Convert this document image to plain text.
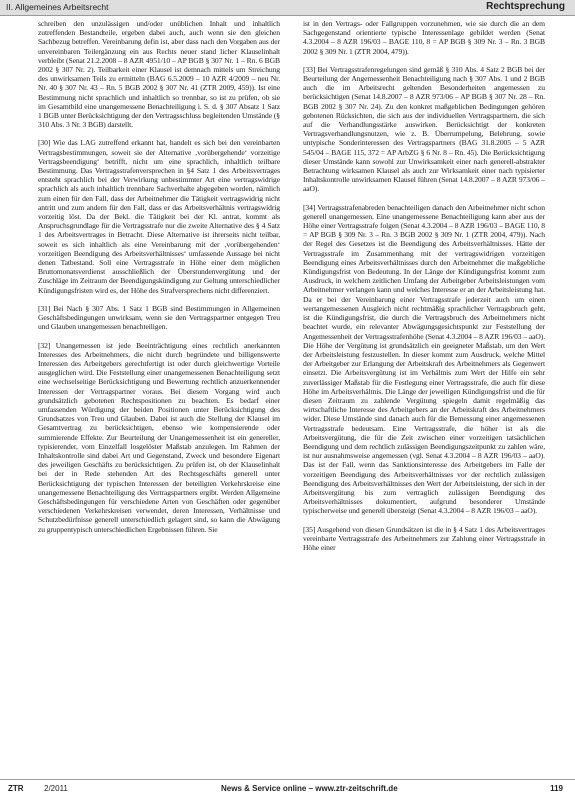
II. Allgemeines Arbeitsrecht	Rechtsprechung

schreiben den unzulässigen und/oder unüblichen Inhalt und inhaltlich zutreffenden Bestandteile, ergeben dabei auch, auch wenn sie den gleichen Sachbezug betreffen. Vereinbarung defin ist, aber dass nach den Vorgaben aus der unvereinbaren Teilergänzung ein aus Rechts neuer stand licher Klauselinhalt verbleibt (Senat 21.2.2008 – 8 AZR 4951/10 – AP BGB § 307 Nr. 1 – Rn. 6 BGB 2002 § 307 Nr. 2). Teilbarkeit einer Klausel ist demnach mittels um Streichung des unwirksamen Teils zu ermitteln (BAG 6.5.2009 – 10 AZR 4/2009 – neu Nr. Nr. 40 § 307 Nr. 43 – Rn. 5 BGB 2002 § 307 Nr. 41 (ZTR 2009, 459)). Ist eine Bestimmung nicht sprachlich und inhaltlich so trennbar, so ist zu prüfen, ob sie im Gesamtbild eine unangemessene Benachteiligung i. S. d. § 307 Absatz 1 Satz 1 BGB unter Berücksichtigung der den Vertragsschluss begleitenden Umstände (§ 310 Abs. 3 Nr. 3 BGB) darstellt.

[30] Wie das LAG zutreffend erkannt hat, handelt es sich bei den vereinbarten Vertragsbestimmungen, soweit sie der Alternative ‚vorübergehende‘ vorzeitige Vertragsbeendigung‘ betrifft, nicht um eine sprachlich, inhaltlich teilbare Bestimmung. Das Vertragsstrafenversprechen in §4 Satz 1 des Arbeitsvertrages entsteht sprachlich bei der Verwirkung unbestimmter Art eine vertragswidrige sprachlich als auch inhaltlich trennbare Sachverhalte abgegeben worden, nämlich zum einen für den Fall, dass der Arbeitnehmer die Tätigkeit vertragswidrig nicht antritt und zum andern für den Fall, dass er das Arbeitsverhältnis vertragswidrig vorzeitig löst. Da der Bekl. die Tätigkeit bei der Kl. antrat, kommt als Anspruchsgrundlage für die Vertragsstrafe nur die zweite Alternative des § 4 Satz 1 des Arbeitsvertrages in Betracht. Diese Alternative ist ihrerseits nicht teilbar, soweit es sich inhaltlich als eine Vereinbarung mit der ‚vorübergehenden‘ vorzeitigen Beendigung des Arbeitsverhältnisses‘ umfassende Aussage bei nicht denen Tatbestand. Soll eine Vertragsstrafe in Höhe einer dem möglichen Bruttomonatsverdienst ausschließlich der Überstundenvergütung und der Zuschläge im Zeitraum der Beendigungskündigung zur Geltung unterschiedlicher Kündigungsfristen wird es, der Höhe des Strafversprechens nicht differenziert.

[31] Bei Nach § 307 Abs. 1 Satz 1 BGB sind Bestimmungen in Allgemeinen Geschäftsbedingungen unwirksam, wenn sie den Vertragspartner entgegen Treu und Glauben unangemessen benachteiligen.

[32] Unangemessen ist jede Beeinträchtigung eines rechtlich anerkannten Interesses des Arbeitnehmers, die nicht durch begründete und billigenswerte Interessen des Arbeitgebers gerechtfertigt ist oder durch gleichwertige Vorteile ausgeglichen wird. Die Feststellung einer unangemessenen Benachteiligung setzt eine wechselseitige Berücksichtigung und Bewertung rechtlich anzuerkennender Interessen der Vertragspartner voraus. Bei diesem Vorgang wird auch grundsätzlich gebotenen Rechtspositionen zu beachten. Es bedarf einer umfassenden Würdigung der beiden Positionen unter Berücksichtigung des Grundsatzes von Treu und Glauben. Dabei ist auch die Stellung der Klausel im Gesamtvertrag zu berücksichtigen, ebenso wie kompensierende oder summierende Effekte. Zur Beurteilung der Unangemessenheit ist ein genereller, typisierender, vom Einzelfall losgelöster Maßstab anzulegen. Im Rahmen der Inhaltskontrolle sind dabei Art und Gegenstand, Zweck und besondere Eigenart des jeweiligen Geschäfts zu berücksichtigen. Zu prüfen ist, ob der Klauselinhalt bei der in Rede stehenden Art des Rechtsgeschäfts generell unter Berücksichtigung der typischen Interessen der beteiligten Verkehrskreise eine unangemessene Benachteiligung des Vertragspartners ergibt. Werden Allgemeine Geschäftsbedingungen für verschiedene Arten von Geschäften oder gegenüber verschiedenen Verkehrskreisen verwendet, deren Interessen, Verhältnisse und Schutzbedürfnisse generell unterschiedlich gelagert sind, so kann die Abwägung zu gruppentypisch unterschiedlichen Ergebnissen führen. Sie

ist in den Vertrags- oder Fallgruppen vorzunehmen, wie sie durch die an dem Sachgegenstand orientierte typische Interessenlage gebildet werden (Senat 4.3.2004 – 8 AZR 196/03 – BAGE 110, 8 = AP BGB § 309 Nr. 3 – Rn. 3 BGB 2002 § 309 Nr. 1 (ZTR 2004, 479)).

[33] Bei Vertragsstrafenregelungen sind gemäß § 310 Abs. 4 Satz 2 BGB bei der Beurteilung der Angemessenheit Benachteiligung nach § 307 Abs. 1 und 2 BGB auch die im Arbeitsrecht geltenden Besonderheiten angemessen zu berücksichtigen (Senat 14.8.2007 – 8 AZR 973/06 – AP BGB § 307 Nr. 28 – Rn. BGB 2002 § 307 Nr. 24). Zu den konkret maßgeblichen Bedingungen gehören gebotenen Rücksichten, die sich aus der individuellen Vertragspartnern, die sich auf die Verhandlungsstärke auswirken. Berücksichtigt der konkreten Vertragsverhandlungsnutzen, wie z. B. Überrumpelung, Belehrung, sowie untypische Sonderinteressen des Vertragspartners (BAG 31.8.2005 – 5 AZR 545/04 – BAGE 115, 372 = AP ArbZG § 6 Nr. 8 – Rn. 45). Die Berücksichtigung dieser Umstände kann sowohl zur Unwirksamkeit einer nach generell-abstrakter Betrachtung wirksamen Klausel als auch zur Wirksamkeit einer nach typisierter Inhaltskontrolle unwirksamen Klausel führen (Senat 14.8.2007 – 8 AZR 973/06 – aaO).

[34] Vertragsstrafenabreden benachteiligen danach den Arbeitnehmer nicht schon generell unangemessen. Eine unangemessene Benachteiligung kann aber aus der Höhe einer Vertragsstrafe folgen (Senat 4.3.2004 – 8 AZR 196/03 – BAGE 110, 8 = AP BGB § 309 Nr. 3 – Rn. 3 BGB 2002 § 309 Nr. 1 (ZTR 2004, 479)). Nach der Regel des Gesetzes ist die Beendigung des Arbeitsverhältnisses. Hätte der Vertragsstrafe im Zusammenhang mit der vertragswidrigen vorzeitigen Beendigung eines Arbeitsverhältnisses durch den Arbeitnehmer die maßgebliche Kündigungsfrist von Bedeutung. In der Länge der Kündigungsfrist kommt zum Ausdruck, in welchem zeitlichen Umfang der Arbeitgeber Arbeitsleistungen vom Arbeitnehmer verlangen kann und welches Interesse er an der Arbeitsleistung hat. Da er bei der Vereinbarung einer Vertragsstrafe jederzeit auch um einen wertangemessenen Ausgleich nicht rechtmäßig sprachlicher Vertragsbruch geht, ist die Kündigungsfrist, die durch die Vertragsbruch des Arbeitnehmers nicht beachtet wurde, ein relevanter Abwägungsgesichtspunkt zur Feststellung der Angemessenheit der Vertragsstrafenhöhe (Senat 4.3.2004 – 8 AZR 196/03 – aaO). Die Höhe der Vergütung ist grundsätzlich ein geeigneter Maßstab, um den Wert der Arbeitsleistung festzustellen. In dieser kommt zum Ausdruck, welche Mittel der Arbeitgeber zur Erlangung der Arbeitskraft des Arbeitnehmers als Gegenwert einsetzt. Die Arbeitsvergütung ist im Verhältnis zum Wert der Hilfe ein sehr zuverlässiger Maßstab für die Festlegung einer Vertragsstrafe, die auch für diese Höhe im Arbeitsverhältnis. Die Länge der jeweiligen Kündigungsfrist und die für diesen Zeitraum zu zahlende Vergütung spiegeln damit regelmäßig das wirtschaftliche Interesse des Arbeitgebers an der Arbeitskraft des Arbeitnehmers wider. Diese Umstände sind danach auch für die Bemessung einer angemessenen Vertragsstrafe bedeutsam. Eine Vertragsstrafe, die höher ist als die Arbeitsvergütung, die für die Zeit zwischen einer vorzeitigen tatsächlichen Beendigung und dem rechtlich zulässigen Beendigungszeitpunkt zu zahlen wäre, ist nur ausnahmsweise angemessen (vgl. Senat 4.3.2004 – 8 AZR 196/03 – aaO). Das ist der Fall, wenn das Sanktionsinteresse des Arbeitgebers im Falle der vorzeitigen Beendigung des Arbeitsverhältnisses vor der rechtlich zulässigen Beendigung des Arbeitsverhältnisses den Wert der Arbeitsleistung, der sich in der Arbeitsvergütung bis zum vertraglich zulässigen Beendigung des Arbeitsverhältnisses dokumentiert, aufgrund besonderer Umstände typischerweise und generell übersteigt (Senat 4.3.2004 – 8 AZR 196/03 – aaO).

[35] Ausgehend von diesen Grundsätzen ist die in § 4 Satz 1 des Arbeitsvertrages vereinbarte Vertragsstrafe des Arbeitnehmers zur Zahlung einer Vertragsstrafe in Höhe einer

ZTR	2/2011	News & Service online – www.ztr-zeitschrift.de	119
